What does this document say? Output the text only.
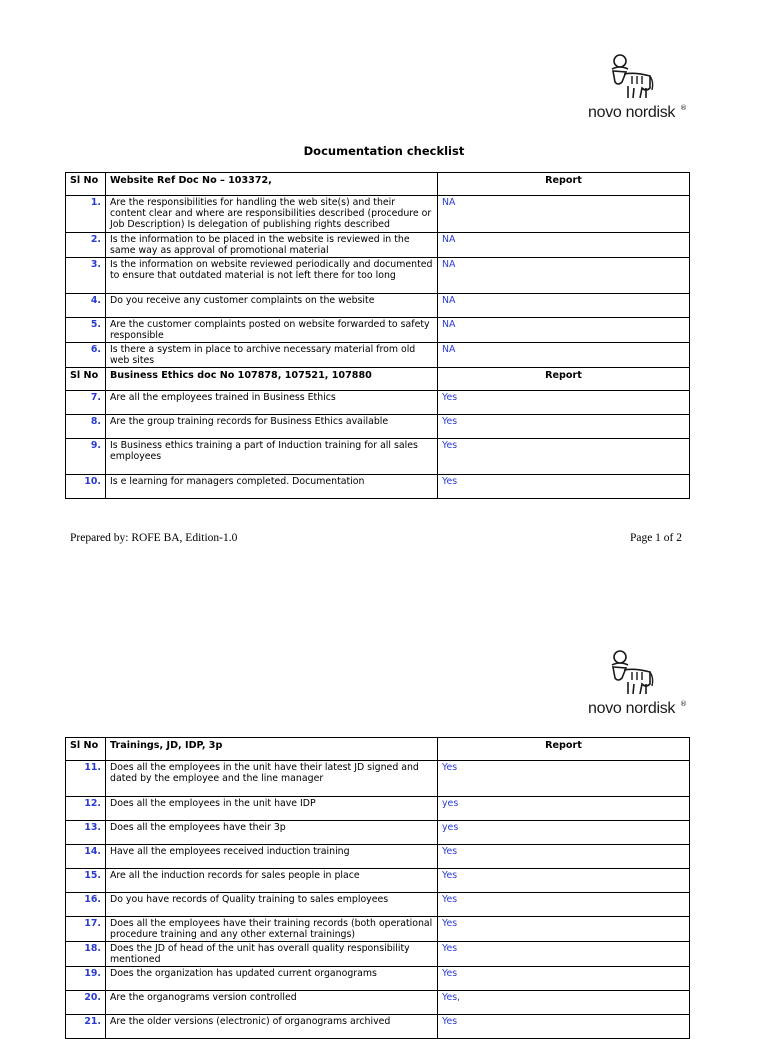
novo nordisk ®
Documentation checklist
Sl No	Website Ref Doc No – 103372,	Report
1.	Are the responsibilities for handling the web site(s) and their content clear and where are responsibilities described (procedure or Job Description) Is delegation of publishing rights described	NA
2.	Is the information to be placed in the website is reviewed in the same way as approval of promotional material	NA
3.	Is the information on website reviewed periodically and documented to ensure that outdated material is not left there for too long	NA
4.	Do you receive any customer complaints on the website	NA
5.	Are the customer complaints posted on website forwarded to safety responsible	NA
6.	Is there a system in place to archive necessary material from old web sites	NA
Sl No	Business Ethics doc No 107878, 107521, 107880	Report
7.	Are all the employees trained in Business Ethics	Yes
8.	Are the group training records for Business Ethics available	Yes
9.	Is Business ethics training a part of Induction training for all sales employees	Yes
10.	Is e learning for managers completed. Documentation	Yes
Prepared by: ROFE BA, Edition-1.0	Page 1 of 2
novo nordisk ®
Sl No	Trainings, JD, IDP, 3p	Report
11.	Does all the employees in the unit have their latest JD signed and dated by the employee and the line manager	Yes
12.	Does all the employees in the unit have IDP	yes
13.	Does all the employees have their 3p	yes
14.	Have all the employees received induction training	Yes
15.	Are all the induction records for sales people in place	Yes
16.	Do you have records of Quality training to sales employees	Yes
17.	Does all the employees have their training records (both operational procedure training and any other external trainings)	Yes
18.	Does the JD of head of the unit has overall quality responsibility mentioned	Yes
19.	Does the organization has updated current organograms	Yes
20.	Are the organograms version controlled	Yes,
21.	Are the older versions (electronic) of organograms archived	Yes
